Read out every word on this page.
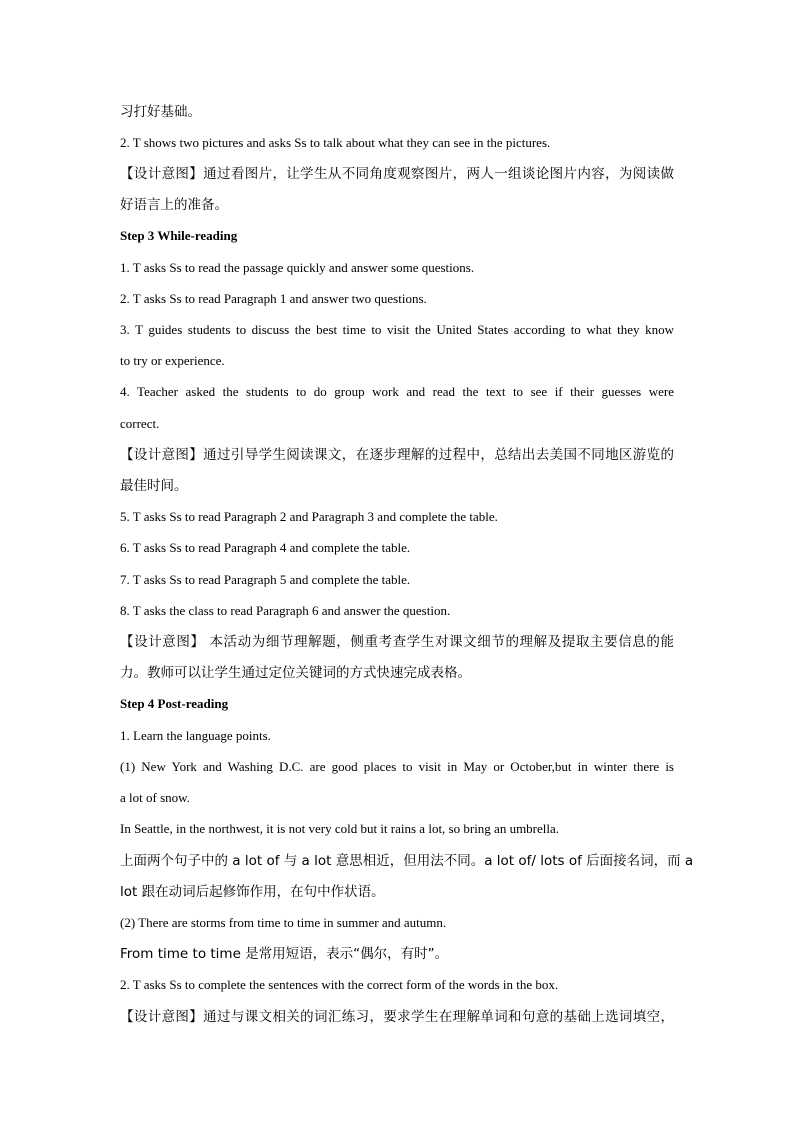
习打好基础。
2. T shows two pictures and asks Ss to talk about what they can see in the pictures.
【设计意图】通过看图片，让学生从不同角度观察图片，两人一组谈论图片内容，为阅读做
好语言上的准备。
Step 3 While-reading
1. T asks Ss to read the passage quickly and answer some questions.
2. T asks Ss to read Paragraph 1 and answer two questions.
3. T guides students to discuss the best time to visit the United States according to what they know
to try or experience.
4. Teacher asked the students to do group work and read the text to see if their guesses were
correct.
【设计意图】通过引导学生阅读课文，在逐步理解的过程中，总结出去美国不同地区游览的
最佳时间。
5. T asks Ss to read Paragraph 2 and Paragraph 3 and complete the table.
6. T asks Ss to read Paragraph 4 and complete the table.
7. T asks Ss to read Paragraph 5 and complete the table.
8. T asks the class to read Paragraph 6 and answer the question.
【设计意图】 本活动为细节理解题，侧重考查学生对课文细节的理解及提取主要信息的能
力。教师可以让学生通过定位关键词的方式快速完成表格。
Step 4 Post-reading
1. Learn the language points.
(1) New York and Washing D.C. are good places to visit in May or October,but in winter there is
a lot of snow.
In Seattle, in the northwest, it is not very cold but it rains a lot, so bring an umbrella.
上面两个句子中的 a lot of 与 a lot 意思相近，但用法不同。a lot of/ lots of 后面接名词，而 a
lot 跟在动词后起修饰作用，在句中作状语。
(2) There are storms from time to time in summer and autumn.
From time to time 是常用短语，表示“偶尔，有时”。
2. T asks Ss to complete the sentences with the correct form of the words in the box.
【设计意图】通过与课文相关的词汇练习，要求学生在理解单词和句意的基础上选词填空，
